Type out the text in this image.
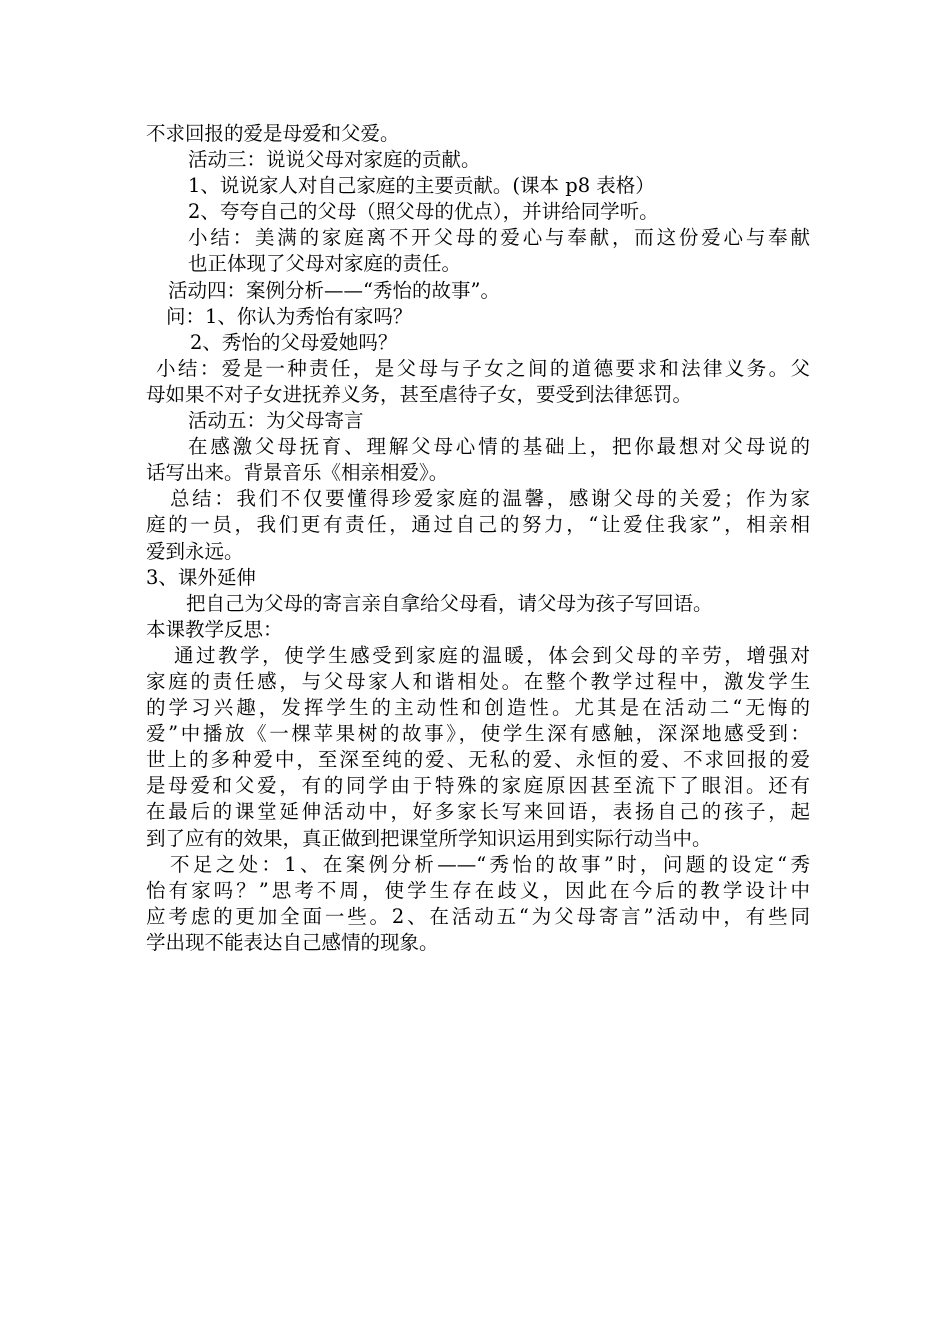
不求回报的爱是母爱和父爱。
活动三：说说父母对家庭的贡献。
1、说说家人对自己家庭的主要贡献。(课本 p8 表格）
2、夸夸自己的父母（照父母的优点），并讲给同学听。
小结：美满的家庭离不开父母的爱心与奉献，而这份爱心与奉献
也正体现了父母对家庭的责任。
活动四：案例分析——“秀怡的故事”。
问：1、你认为秀怡有家吗？
2、秀怡的父母爱她吗？
小结：爱是一种责任，是父母与子女之间的道德要求和法律义务。父
母如果不对子女进抚养义务，甚至虐待子女，要受到法律惩罚。
活动五：为父母寄言
在感激父母抚育、理解父母心情的基础上，把你最想对父母说的
话写出来。背景音乐《相亲相爱》。
总结：我们不仅要懂得珍爱家庭的温馨，感谢父母的关爱；作为家
庭的一员，我们更有责任，通过自己的努力，“让爱住我家”，相亲相
爱到永远。
3、课外延伸
把自己为父母的寄言亲自拿给父母看，请父母为孩子写回语。
本课教学反思：
通过教学，使学生感受到家庭的温暖，体会到父母的辛劳，增强对
家庭的责任感，与父母家人和谐相处。在整个教学过程中，激发学生
的学习兴趣，发挥学生的主动性和创造性。尤其是在活动二“无悔的
爱”中播放《一棵苹果树的故事》，使学生深有感触，深深地感受到：
世上的多种爱中，至深至纯的爱、无私的爱、永恒的爱、不求回报的爱
是母爱和父爱，有的同学由于特殊的家庭原因甚至流下了眼泪。还有
在最后的课堂延伸活动中，好多家长写来回语，表扬自己的孩子，起
到了应有的效果，真正做到把课堂所学知识运用到实际行动当中。
不足之处：1、在案例分析——“秀怡的故事”时，问题的设定“秀
怡有家吗？”思考不周，使学生存在歧义，因此在今后的教学设计中
应考虑的更加全面一些。2、在活动五“为父母寄言”活动中，有些同
学出现不能表达自己感情的现象。
